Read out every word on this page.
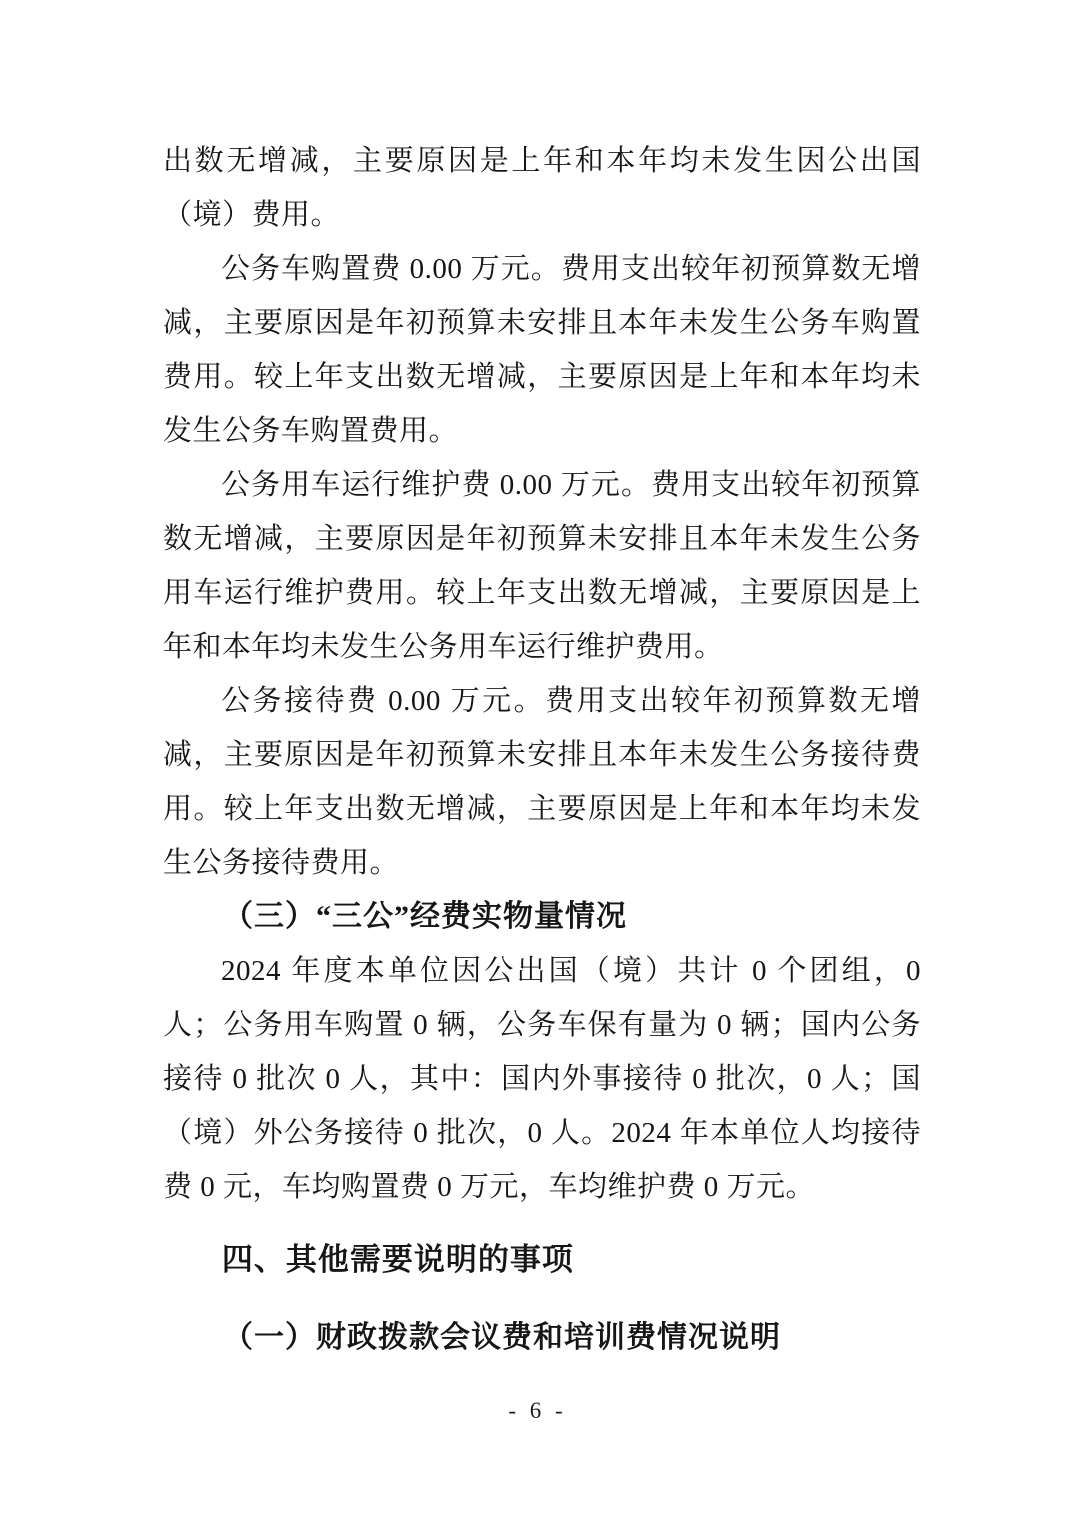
出数无增减，主要原因是上年和本年均未发生因公出国（境）费用。

公务车购置费 0.00 万元。费用支出较年初预算数无增减，主要原因是年初预算未安排且本年未发生公务车购置费用。较上年支出数无增减，主要原因是上年和本年均未发生公务车购置费用。

公务用车运行维护费 0.00 万元。费用支出较年初预算数无增减，主要原因是年初预算未安排且本年未发生公务用车运行维护费用。较上年支出数无增减，主要原因是上年和本年均未发生公务用车运行维护费用。

公务接待费 0.00 万元。费用支出较年初预算数无增减，主要原因是年初预算未安排且本年未发生公务接待费用。较上年支出数无增减，主要原因是上年和本年均未发生公务接待费用。

（三）“三公”经费实物量情况

2024 年度本单位因公出国（境）共计 0 个团组，0 人；公务用车购置 0 辆，公务车保有量为 0 辆；国内公务接待 0 批次 0 人，其中：国内外事接待 0 批次，0 人；国（境）外公务接待 0 批次，0 人。2024 年本单位人均接待费 0 元，车均购置费 0 万元，车均维护费 0 万元。

四、其他需要说明的事项

（一）财政拨款会议费和培训费情况说明

- 6 -
